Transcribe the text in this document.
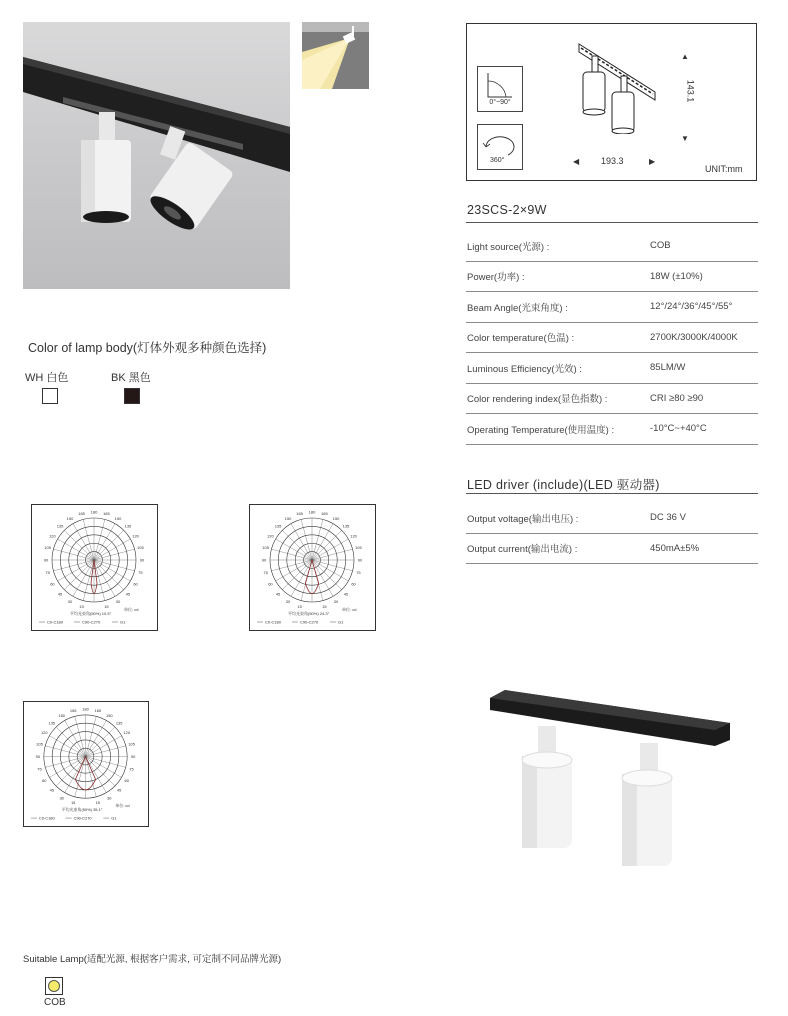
0°~90°
360°
▲
143.1
▼
◀ 193.3	▶
UNIT:mm
23SCS-2×9W
Light source(光源) :	COB
Power(功率) :	18W (±10%)
Beam Angle(光束角度) :	12°/24°/36°/45°/55°
Color temperature(色温) :	2700K/3000K/4000K
Luminous Efficiency(光效) :	85LM/W
Color rendering index(显色指数) :	CRI ≥80 ≥90
Operating Temperature(使用温度) :	-10°C~+40°C
LED driver (include)(LED 驱动器)
Output voltage(输出电压) :	DC 36 V
Output current(输出电流) :	450mA±5%
Color of lamp body(灯体外观多种颜色选择)
WH 白色	BK 黑色
15
15
30
30
45
45
60
60
75
75
90
90
105
105
120
120
135
135
150
150
165
165 180
平均光束角(50%) 10.5°
单位: cd
C0-C180	C90-C270	G1
15
15
30
30
45
45
60
60
75
75
90
90
105
105
120
120
135
135
150
150
165
165 180
平均光束角(50%) 24.3°
单位: cd
C0-C180	C90-C270	G1
15
15
30
30
45
45
60
60
75
75
90
90
105
105
120
120
135
135
150
150
165
165 180
平均光束角(50%) 35.1°
单位: cd
C0-C180	C90-C270	G1
Suitable Lamp(适配光源, 根据客户需求, 可定制不同品牌光源)
COB
